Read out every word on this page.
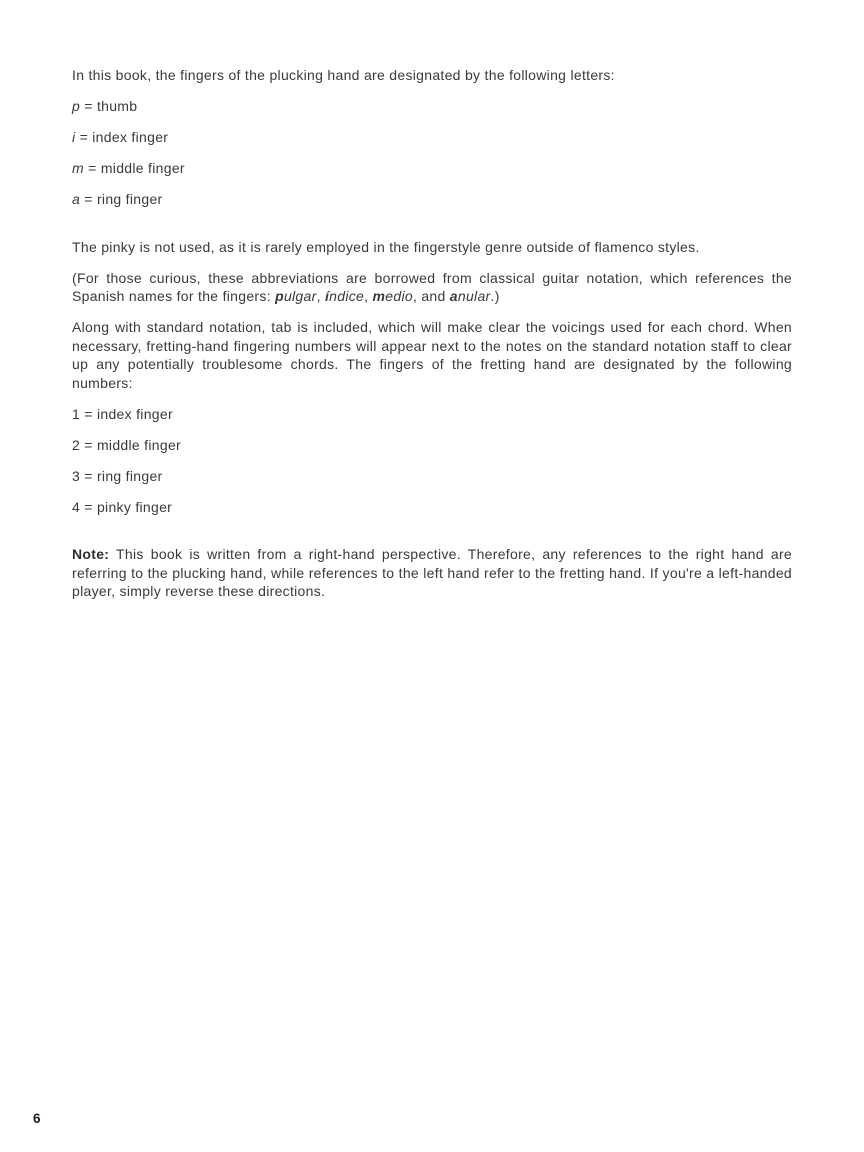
In this book, the fingers of the plucking hand are designated by the following letters:

p = thumb

i = index finger

m = middle finger

a = ring finger

The pinky is not used, as it is rarely employed in the fingerstyle genre outside of flamenco styles.

(For those curious, these abbreviations are borrowed from classical guitar notation, which references the Spanish names for the fingers: pulgar, índice, medio, and anular.)

Along with standard notation, tab is included, which will make clear the voicings used for each chord. When necessary, fretting-hand fingering numbers will appear next to the notes on the standard notation staff to clear up any potentially troublesome chords. The fingers of the fretting hand are designated by the following numbers:

1 = index finger

2 = middle finger

3 = ring finger

4 = pinky finger

Note: This book is written from a right-hand perspective. Therefore, any references to the right hand are referring to the plucking hand, while references to the left hand refer to the fretting hand. If you're a left-handed player, simply reverse these directions.

6
